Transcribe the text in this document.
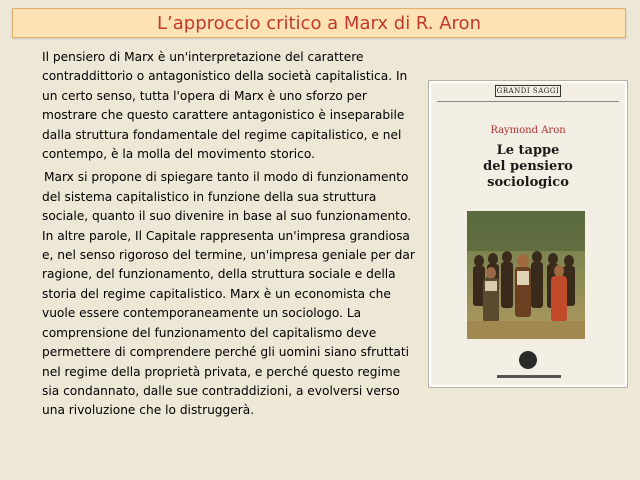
L’approccio critico a Marx di R. Aron

Il pensiero di Marx è un'interpretazione del carattere contraddittorio o antagonistico della società capitalistica. In un certo senso, tutta l'opera di Marx è uno sforzo per mostrare che questo carattere antagonistico è inseparabile dalla struttura fondamentale del regime capitalistico, e nel contempo, è la molla del movimento storico.

Marx si propone di spiegare tanto il modo di funzionamento del sistema capitalistico in funzione della sua struttura sociale, quanto il suo divenire in base al suo funzionamento. In altre parole, Il Capitale rappresenta un'impresa grandiosa e, nel senso rigoroso del termine, un'impresa geniale per dar ragione, del funzionamento, della struttura sociale e della storia del regime capitalistico. Marx è un economista che vuole essere contemporaneamente un sociologo. La comprensione del funzionamento del capitalismo deve permettere di comprendere perché gli uomini siano sfruttati nel regime della proprietà privata, e perché questo regime sia condannato, dalle sue contraddizioni, a evolversi verso una rivoluzione che lo distruggerà.

GRANDI SAGGI
Raymond Aron
Le tappe
del pensiero
sociologico
